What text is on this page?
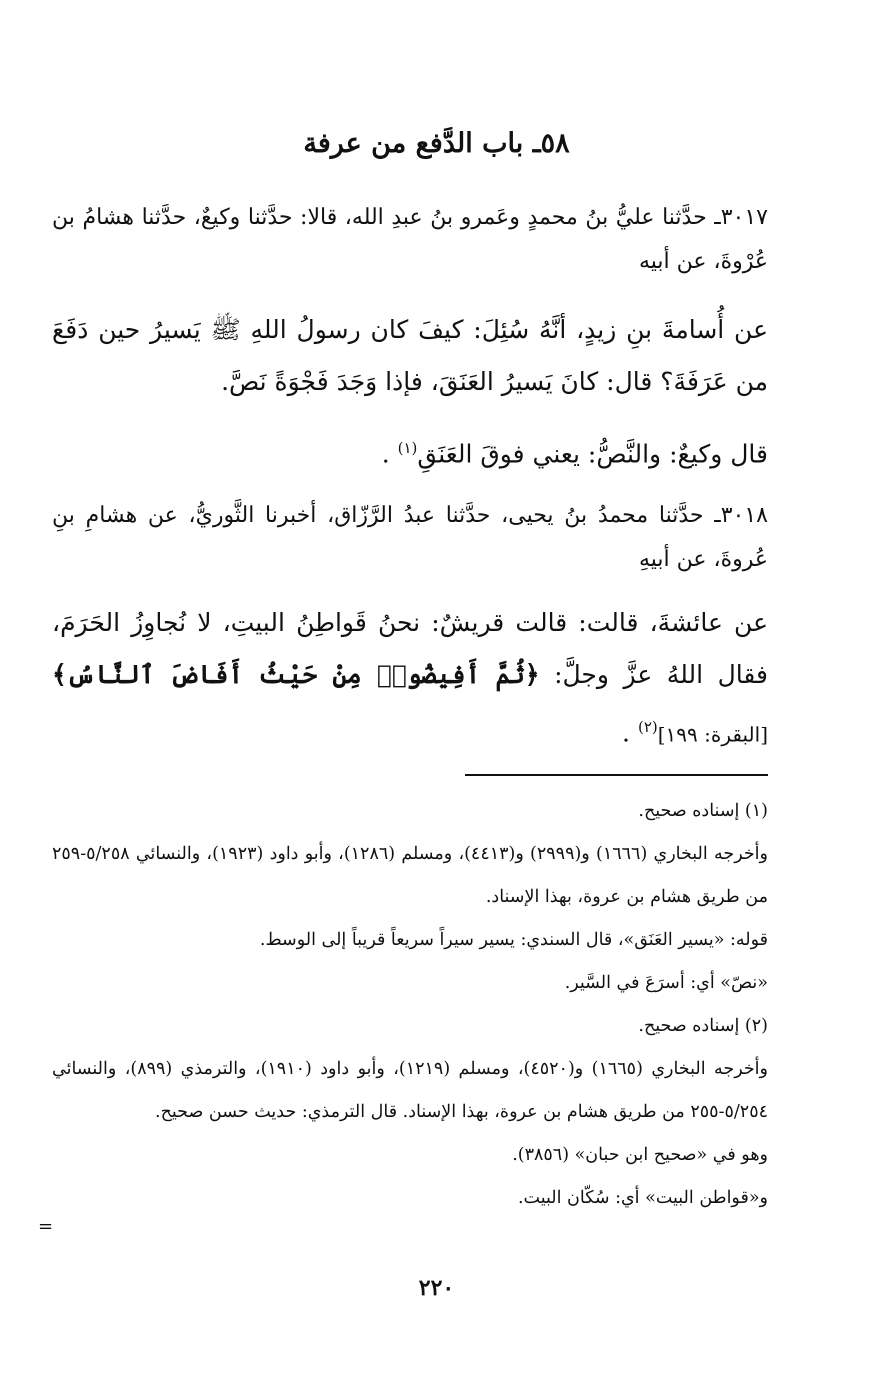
٥٨ـ باب الدَّفع من عرفة
٣٠١٧ـ حدَّثنا عليُّ بنُ محمدٍ وعَمرو بنُ عبدِ الله، قالا: حدَّثنا وكيعٌ، حدَّثنا هشامُ بن عُرْوةَ، عن أبيه
عن أُسامةَ بنِ زيدٍ، أنَّهُ سُئِلَ: كيفَ كان رسولُ اللهِ ﷺ يَسيرُ حين دَفَعَ من عَرَفَةَ؟ قال: كانَ يَسيرُ العَنَقَ، فإذا وَجَدَ فَجْوَةً نَصَّ.
قال وكيعٌ: والنَّصُّ: يعني فوقَ العَنَقِ$^{(١)}$ .
٣٠١٨ـ حدَّثنا محمدُ بنُ يحيى، حدَّثنا عبدُ الرَّزّاق، أخبرنا الثَّوريُّ، عن هشامِ بنِ عُروةَ، عن أبيهِ
عن عائشةَ، قالت: قالت قريشٌ: نحنُ قَواطِنُ البيتِ، لا نُجاوِزُ الحَرَمَ، فقال اللهُ عزَّ وجلَّ: ﴿ثُمَّ أَفِيضُوا۟ مِنْ حَيْثُ أَفَاضَ ٱلنَّاسُ﴾ [البقرة: ١٩٩]$^{(٢)}$ .
(١) إسناده صحيح.
وأخرجه البخاري (١٦٦٦) و(٢٩٩٩) و(٤٤١٣)، ومسلم (١٢٨٦)، وأبو داود (١٩٢٣)، والنسائي ٥/٢٥٨-٢٥٩ من طريق هشام بن عروة، بهذا الإسناد.
قوله: «يسير العَنَق»، قال السندي: يسير سيراً سريعاً قريباً إلى الوسط.
«نصّ» أي: أسرَعَ في السَّير.
(٢) إسناده صحيح.
وأخرجه البخاري (١٦٦٥) و(٤٥٢٠)، ومسلم (١٢١٩)، وأبو داود (١٩١٠)، والترمذي (٨٩٩)، والنسائي ٥/٢٥٤-٢٥٥ من طريق هشام بن عروة، بهذا الإسناد. قال الترمذي: حديث حسن صحيح.
وهو في «صحيح ابن حبان» (٣٨٥٦).
و«قواطن البيت» أي: سُكّان البيت.
=
٢٢٠
